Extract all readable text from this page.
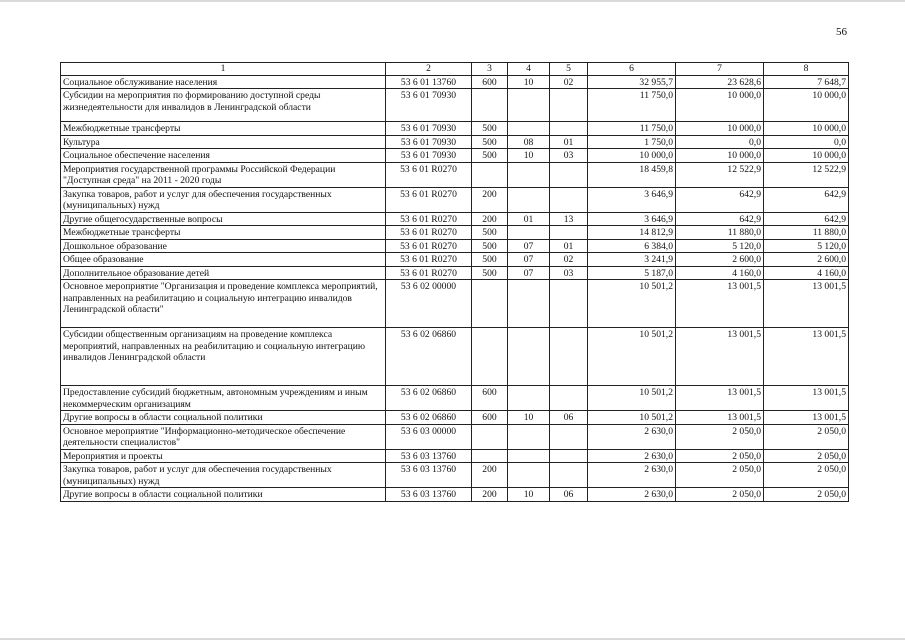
56
1	2	3	4	5	6	7	8
Социальное обслуживание населения	53 6 01 13760	600	10	02	32 955,7	23 628,6	7 648,7
Субсидии на мероприятия по формированию доступной среды жизнедеятельности для инвалидов в Ленинградской области	53 6 01 70930				11 750,0	10 000,0	10 000,0
Межбюджетные трансферты	53 6 01 70930	500			11 750,0	10 000,0	10 000,0
Культура	53 6 01 70930	500	08	01	1 750,0	0,0	0,0
Социальное обеспечение населения	53 6 01 70930	500	10	03	10 000,0	10 000,0	10 000,0
Мероприятия государственной программы Российской Федерации "Доступная среда" на 2011 - 2020 годы	53 6 01 R0270				18 459,8	12 522,9	12 522,9
Закупка товаров, работ и услуг для обеспечения государственных (муниципальных) нужд	53 6 01 R0270	200			3 646,9	642,9	642,9
Другие общегосударственные вопросы	53 6 01 R0270	200	01	13	3 646,9	642,9	642,9
Межбюджетные трансферты	53 6 01 R0270	500			14 812,9	11 880,0	11 880,0
Дошкольное образование	53 6 01 R0270	500	07	01	6 384,0	5 120,0	5 120,0
Общее образование	53 6 01 R0270	500	07	02	3 241,9	2 600,0	2 600,0
Дополнительное образование детей	53 6 01 R0270	500	07	03	5 187,0	4 160,0	4 160,0
Основное мероприятие "Организация и проведение комплекса мероприятий, направленных на реабилитацию и социальную интеграцию инвалидов Ленинградской области"	53 6 02 00000				10 501,2	13 001,5	13 001,5
Субсидии общественным организациям на проведение комплекса мероприятий, направленных на реабилитацию и социальную интеграцию инвалидов Ленинградской области	53 6 02 06860				10 501,2	13 001,5	13 001,5
Предоставление субсидий бюджетным, автономным учреждениям и иным некоммерческим организациям	53 6 02 06860	600			10 501,2	13 001,5	13 001,5
Другие вопросы в области социальной политики	53 6 02 06860	600	10	06	10 501,2	13 001,5	13 001,5
Основное мероприятие "Информационно-методическое обеспечение деятельности специалистов"	53 6 03 00000				2 630,0	2 050,0	2 050,0
Мероприятия и проекты	53 6 03 13760				2 630,0	2 050,0	2 050,0
Закупка товаров, работ и услуг для обеспечения государственных (муниципальных) нужд	53 6 03 13760	200			2 630,0	2 050,0	2 050,0
Другие вопросы в области социальной политики	53 6 03 13760	200	10	06	2 630,0	2 050,0	2 050,0
